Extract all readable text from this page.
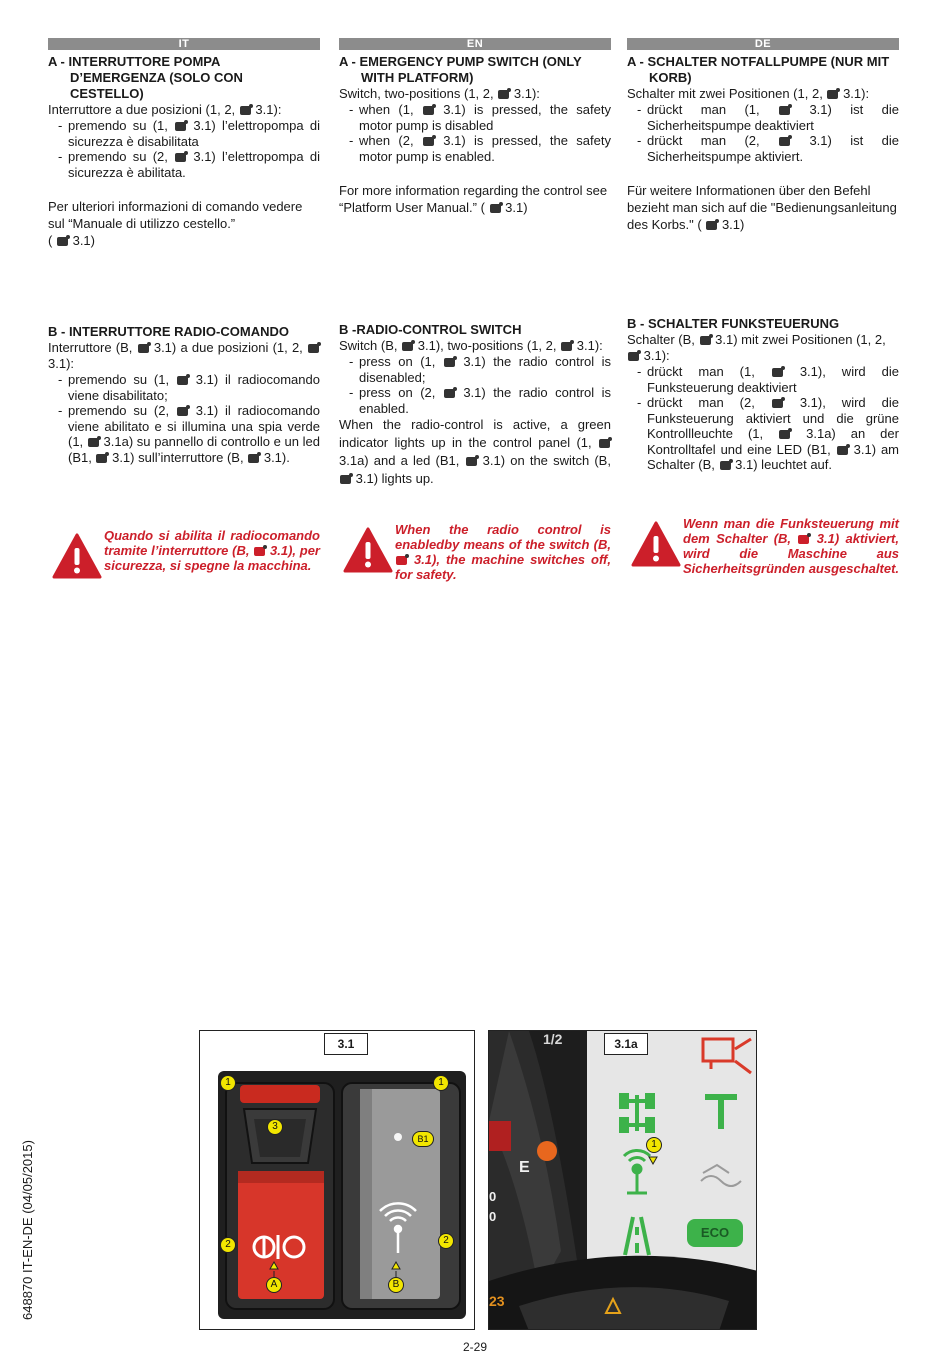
IT
A - INTERRUTTORE POMPA
D’EMERGENZA (SOLO CON CESTELLO)
Interruttore a due posizioni (1, 2, 3.1):
- premendo su (1, 3.1) l’elettropompa di sicurezza è disabilitata
- premendo su (2, 3.1) l’elettropompa di sicurezza è abilitata.
Per ulteriori informazioni di comando vedere sul “Manuale di utilizzo cestello.”
( 3.1)
B - INTERRUTTORE RADIO-COMANDO
Interruttore (B, 3.1) a due posizioni (1, 2,  3.1):
- premendo su (1, 3.1) il radiocomando viene disabilitato;
- premendo su (2, 3.1) il radiocomando viene abilitato e si illumina una spia verde (1, 3.1a) su pannello di controllo e un led (B1, 3.1) sull’interruttore (B, 3.1).
Quando si abilita il radiocomando tramite l’interruttore (B, 3.1), per sicurezza, si spegne la macchina.
EN
A - EMERGENCY PUMP SWITCH (ONLY
WITH PLATFORM)
Switch, two-positions (1, 2, 3.1):
- when (1, 3.1) is pressed, the safety motor pump is disabled
- when (2, 3.1) is pressed, the safety motor pump is enabled.
For more information regarding the control see “Platform User Manual.” ( 3.1)
B -RADIO-CONTROL SWITCH
Switch (B, 3.1), two-positions (1, 2, 3.1):
- press on (1, 3.1) the radio control is disenabled;
- press on (2, 3.1) the radio control is enabled.
When the radio-control is active, a green indicator lights up in the control panel (1,  3.1a) and a led (B1, 3.1) on the switch (B,  3.1) lights up.
When the radio control is enabledby means of the switch (B,  3.1), the machine switches off, for safety.
DE
A - SCHALTER NOTFALLPUMPE (NUR MIT
KORB)
Schalter mit zwei Positionen (1, 2, 3.1):
- drückt man (1,	3.1) ist die Sicherheitspumpe deaktiviert
- drückt man (2,	3.1) ist die Sicherheitspumpe aktiviert.
Für weitere Informationen über den Befehl bezieht man sich auf die "Bedienungsanleitung des Korbs." ( 3.1)
B - SCHALTER FUNKSTEUERUNG
Schalter (B, 3.1) mit zwei Positionen (1, 2,  3.1):
- drückt man (1,	3.1), wird die Funksteuerung deaktiviert
- drückt man (2,	3.1), wird die Funksteuerung aktiviert und die grüne Kontrollleuchte (1,	3.1a) an der Kontrolltafel und eine LED (B1, 3.1) am Schalter (B, 3.1) leuchtet auf.
Wenn man die Funksteuerung mit dem Schalter (B, 3.1) aktiviert, wird die Maschine aus Sicherheitsgründen ausgeschaltet.
3.1
1	1
3
B1
2	2
A	B
3.1a
1/2
E
0
0
23
ECO
1
648870 IT-EN-DE (04/05/2015)
2-29
